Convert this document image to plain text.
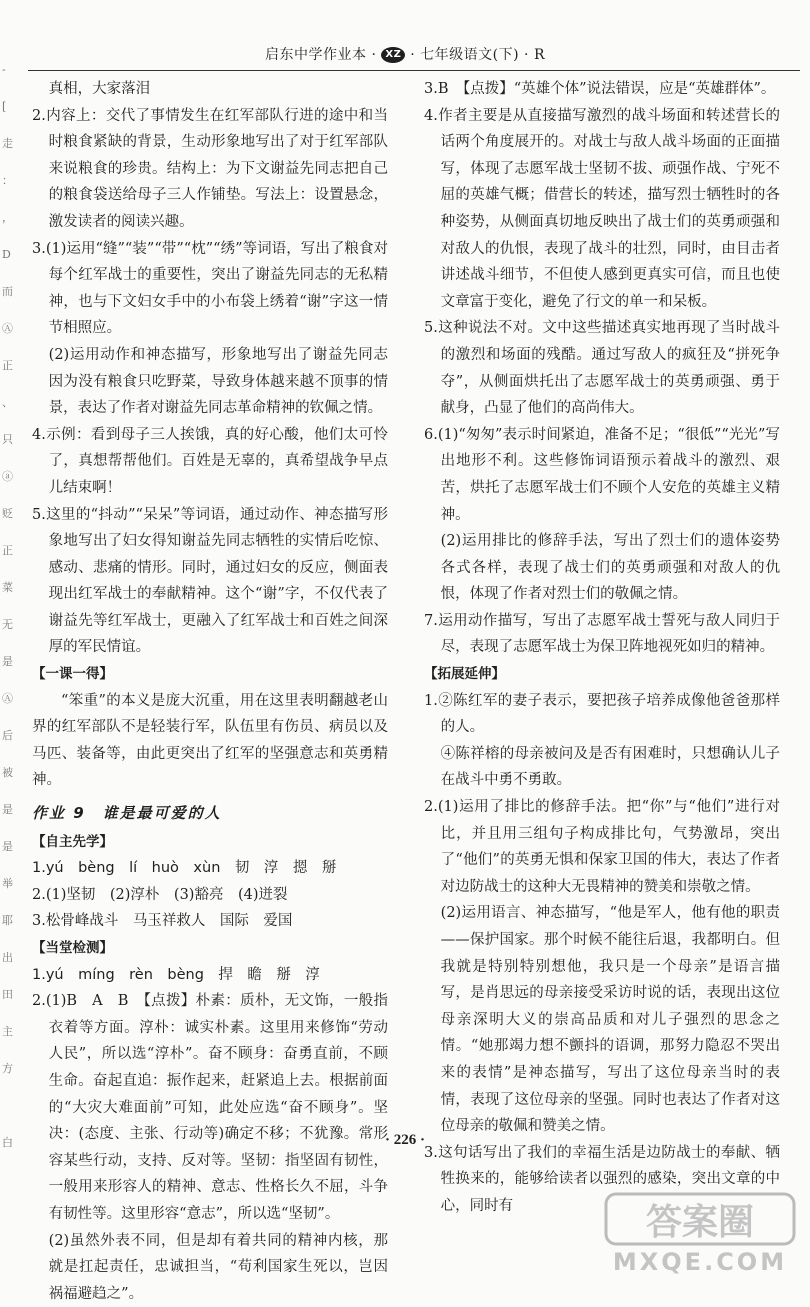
启东中学作业本 · XZ · 七年级语文(下) · R
-
[
走
：
，
D
而
Ⓐ
正
、
只
ⓐ
贬
正
菜
无
是
Ⓐ
后
被
是
是
举
耶
出
田
主
方
白

真相，大家落泪

2.内容上：交代了事情发生在红军部队行进的途中和当时粮食紧缺的背景，生动形象地写出了对于红军部队来说粮食的珍贵。结构上：为下文谢益先同志把自己的粮食袋送给母子三人作铺垫。写法上：设置悬念，激发读者的阅读兴趣。

3.(1)运用“缝”“装”“带”“枕”“绣”等词语，写出了粮食对每个红军战士的重要性，突出了谢益先同志的无私精神，也与下文妇女手中的小布袋上绣着“谢”字这一情节相照应。

(2)运用动作和神态描写，形象地写出了谢益先同志因为没有粮食只吃野菜，导致身体越来越不顶事的情景，表达了作者对谢益先同志革命精神的钦佩之情。

4.示例：看到母子三人挨饿，真的好心酸，他们太可怜了，真想帮帮他们。百姓是无辜的，真希望战争早点儿结束啊！

5.这里的“抖动”“呆呆”等词语，通过动作、神态描写形象地写出了妇女得知谢益先同志牺牲的实情后吃惊、感动、悲痛的情形。同时，通过妇女的反应，侧面表现出红军战士的奉献精神。这个“谢”字，不仅代表了谢益先等红军战士，更融入了红军战士和百姓之间深厚的军民情谊。

【一课一得】

“笨重”的本义是庞大沉重，用在这里表明翻越老山界的红军部队不是轻装行军，队伍里有伤员、病员以及马匹、装备等，由此更突出了红军的坚强意志和英勇精神。

作业 9　谁是最可爱的人

【自主先学】

1.yú　bèng　lí　huò　xùn　韧　淳　摁　掰

2.(1)坚韧　(2)淳朴　(3)豁亮　(4)迸裂

3.松骨峰战斗　马玉祥救人　国际　爱国

【当堂检测】

1.yú　míng　rèn　bèng　捍　瞻　掰　淳

2.(1)B　A　B　【点拨】朴素：质朴，无文饰，一般指衣着等方面。淳朴：诚实朴素。这里用来修饰“劳动人民”，所以选“淳朴”。奋不顾身：奋勇直前，不顾生命。奋起直追：振作起来，赶紧追上去。根据前面的“大灾大难面前”可知，此处应选“奋不顾身”。坚决：(态度、主张、行动等)确定不移；不犹豫。常形容某些行动，支持、反对等。坚韧：指坚固有韧性，一般用来形容人的精神、意志、性格长久不屈，斗争有韧性等。这里形容“意志”，所以选“坚韧”。

(2)虽然外表不同，但是却有着共同的精神内核，那就是扛起责任，忠诚担当，“苟利国家生死以，岂因祸福避趋之”。

3.B　【点拨】“英雄个体”说法错误，应是“英雄群体”。

4.作者主要是从直接描写激烈的战斗场面和转述营长的话两个角度展开的。对战士与敌人战斗场面的正面描写，体现了志愿军战士坚韧不拔、顽强作战、宁死不屈的英雄气概；借营长的转述，描写烈士牺牲时的各种姿势，从侧面真切地反映出了战士们的英勇顽强和对敌人的仇恨，表现了战斗的壮烈，同时，由目击者讲述战斗细节，不但使人感到更真实可信，而且也使文章富于变化，避免了行文的单一和呆板。

5.这种说法不对。文中这些描述真实地再现了当时战斗的激烈和场面的残酷。通过写敌人的疯狂及“拼死争夺”，从侧面烘托出了志愿军战士的英勇顽强、勇于献身，凸显了他们的高尚伟大。

6.(1)“匆匆”表示时间紧迫，准备不足；“很低”“光光”写出地形不利。这些修饰词语预示着战斗的激烈、艰苦，烘托了志愿军战士们不顾个人安危的英雄主义精神。

(2)运用排比的修辞手法，写出了烈士们的遗体姿势各式各样，表现了战士们的英勇顽强和对敌人的仇恨，体现了作者对烈士们的敬佩之情。

7.运用动作描写，写出了志愿军战士誓死与敌人同归于尽，表现了志愿军战士为保卫阵地视死如归的精神。

【拓展延伸】

1.②陈红军的妻子表示，要把孩子培养成像他爸爸那样的人。

④陈祥榕的母亲被问及是否有困难时，只想确认儿子在战斗中勇不勇敢。

2.(1)运用了排比的修辞手法。把“你”与“他们”进行对比，并且用三组句子构成排比句，气势激昂，突出了“他们”的英勇无惧和保家卫国的伟大，表达了作者对边防战士的这种大无畏精神的赞美和崇敬之情。

(2)运用语言、神态描写，“他是军人，他有他的职责——保护国家。那个时候不能往后退，我都明白。但我就是特别特别想他，我只是一个母亲”是语言描写，是肖思远的母亲接受采访时说的话，表现出这位母亲深明大义的崇高品质和对儿子强烈的思念之情。“她那竭力想不颤抖的语调，那努力隐忍不哭出来的表情”是神态描写，写出了这位母亲当时的表情，表现了这位母亲的坚强。同时也表达了作者对这位母亲的敬佩和赞美之情。

3.这句话写出了我们的幸福生活是边防战士的奉献、牺牲换来的，能够给读者以强烈的感染，突出文章的中心，同时有

· 226 ·
答案圈
MXQE.COM
